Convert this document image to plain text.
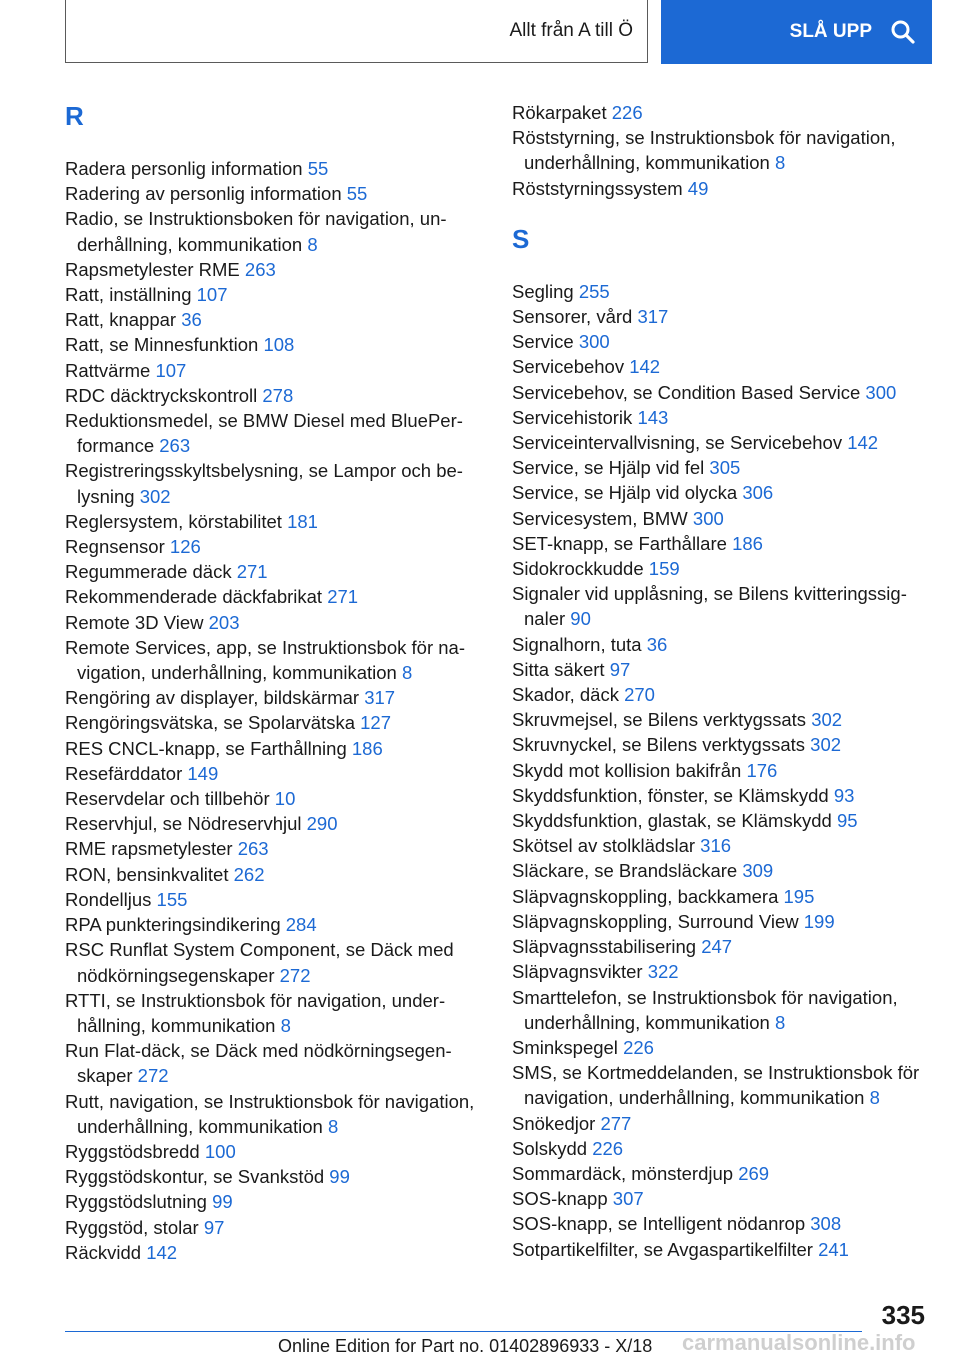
Allt från A till Ö	SLÅ UPP
R
Radera personlig information 55
Radering av personlig information 55
Radio, se Instruktionsboken för navigation, underhållning, kommunikation 8
Rapsmetylester RME 263
Ratt, inställning 107
Ratt, knappar 36
Ratt, se Minnesfunktion 108
Rattvärme 107
RDC däcktryckskontroll 278
Reduktionsmedel, se BMW Diesel med BluePerformance 263
Registreringsskyltsbelysning, se Lampor och belysning 302
Reglersystem, körstabilitet 181
Regnsensor 126
Regummerade däck 271
Rekommenderade däckfabrikat 271
Remote 3D View 203
Remote Services, app, se Instruktionsbok för navigation, underhållning, kommunikation 8
Rengöring av displayer, bildskärmar 317
Rengöringsvätska, se Spolarvätska 127
RES CNCL-knapp, se Farthållning 186
Resefärddator 149
Reservdelar och tillbehör 10
Reservhjul, se Nödreservhjul 290
RME rapsmetylester 263
RON, bensinkvalitet 262
Rondelljus 155
RPA punkteringsindikering 284
RSC Runflat System Component, se Däck med nödkörningsegenskaper 272
RTTI, se Instruktionsbok för navigation, underhållning, kommunikation 8
Run Flat-däck, se Däck med nödkörningsegenskaper 272
Rutt, navigation, se Instruktionsbok för navigation, underhållning, kommunikation 8
Ryggstödsbredd 100
Ryggstödskontur, se Svankstöd 99
Ryggstödslutning 99
Ryggstöd, stolar 97
Räckvidd 142
Rökarpaket 226
Röststyrning, se Instruktionsbok för navigation, underhållning, kommunikation 8
Röststyrningssystem 49
S
Segling 255
Sensorer, vård 317
Service 300
Servicebehov 142
Servicebehov, se Condition Based Service 300
Servicehistorik 143
Serviceintervallvisning, se Servicebehov 142
Service, se Hjälp vid fel 305
Service, se Hjälp vid olycka 306
Servicesystem, BMW 300
SET-knapp, se Farthållare 186
Sidokrockkudde 159
Signaler vid upplåsning, se Bilens kvitteringssignaler 90
Signalhorn, tuta 36
Sitta säkert 97
Skador, däck 270
Skruvmejsel, se Bilens verktygssats 302
Skruvnyckel, se Bilens verktygssats 302
Skydd mot kollision bakifrån 176
Skyddsfunktion, fönster, se Klämskydd 93
Skyddsfunktion, glastak, se Klämskydd 95
Skötsel av stolklädslar 316
Släckare, se Brandsläckare 309
Släpvagnskoppling, backkamera 195
Släpvagnskoppling, Surround View 199
Släpvagnsstabilisering 247
Släpvagnsvikter 322
Smarttelefon, se Instruktionsbok för navigation, underhållning, kommunikation 8
Sminkspegel 226
SMS, se Kortmeddelanden, se Instruktionsbok för navigation, underhållning, kommunikation 8
Snökedjor 277
Solskydd 226
Sommardäck, mönsterdjup 269
SOS-knapp 307
SOS-knapp, se Intelligent nödanrop 308
Sotpartikelfilter, se Avgaspartikelfilter 241
335
carmanualsonline.info
Online Edition for Part no. 01402896933 - X/18
